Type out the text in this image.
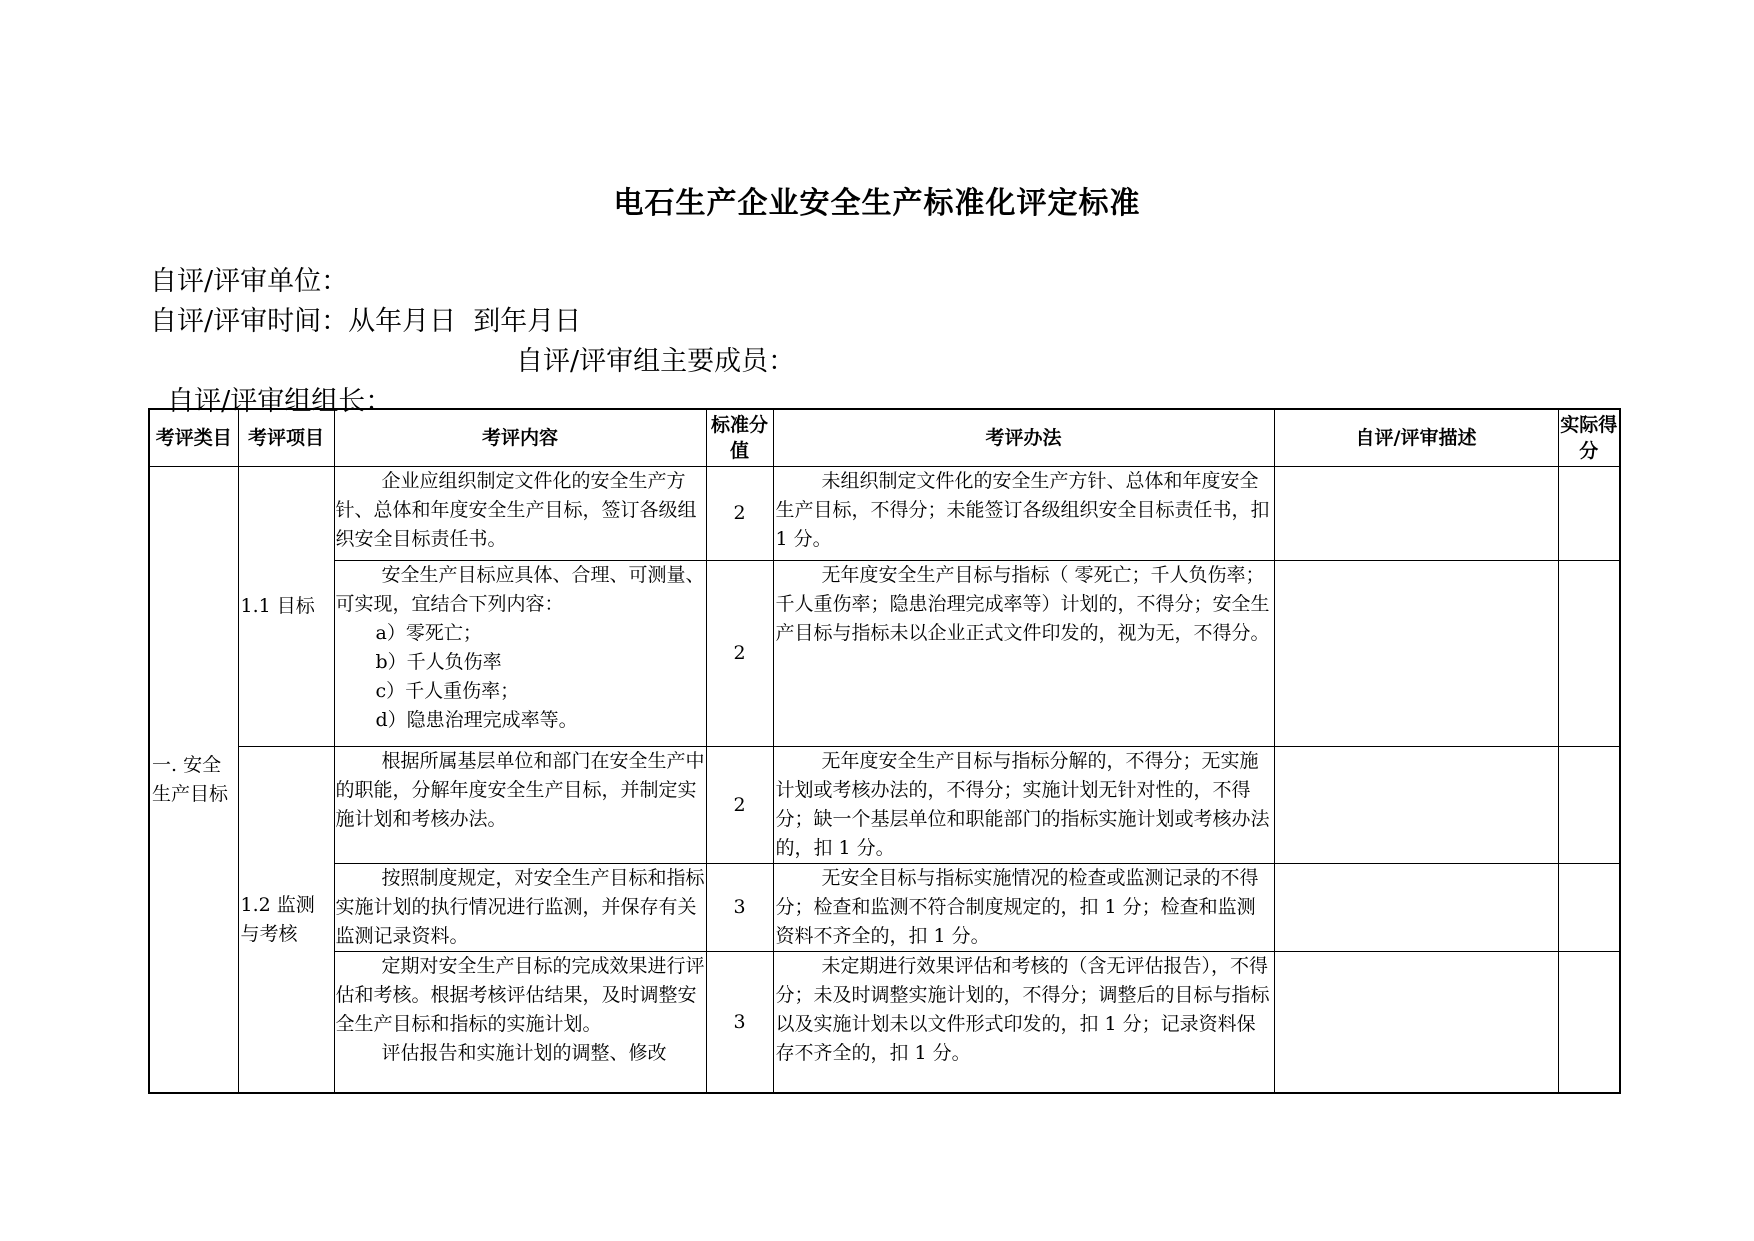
电石生产企业安全生产标准化评定标准
自评/评审单位：
自评/评审时间：从年月日  到年月日

自评/评审组组长：

自评/评审组主要成员：

考评类目	考评项目	考评内容	标准分值	考评办法	自评/评审描述	实际得分
一. 安全生产目标	1.1 目标	企业应组织制定文件化的安全生产方针、总体和年度安全生产目标，签订各级组织安全目标责任书。	2	未组织制定文件化的安全生产方针、总体和年度安全生产目标，不得分；未能签订各级组织安全目标责任书，扣 1 分。		

		安全生产目标应具体、合理、可测量、可实现，宜结合下列内容：
a）零死亡；
b）千人负伤率
c）千人重伤率；
d）隐患治理完成率等。	2	无年度安全生产目标与指标（ 零死亡；千人负伤率；千人重伤率；隐患治理完成率等）计划的，不得分；安全生产目标与指标未以企业正式文件印发的，视为无，不得分。		

	1.2 监测与考核	根据所属基层单位和部门在安全生产中的职能，分解年度安全生产目标，并制定实施计划和考核办法。	2	无年度安全生产目标与指标分解的，不得分；无实施计划或考核办法的，不得分；实施计划无针对性的，不得分；缺一个基层单位和职能部门的指标实施计划或考核办法的，扣 1 分。		

		按照制度规定，对安全生产目标和指标实施计划的执行情况进行监测，并保存有关监测记录资料。	3	无安全目标与指标实施情况的检查或监测记录的不得分；检查和监测不符合制度规定的，扣 1 分；检查和监测资料不齐全的，扣 1 分。		

		定期对安全生产目标的完成效果进行评估和考核。根据考核评估结果，及时调整安全生产目标和指标的实施计划。
评估报告和实施计划的调整、修改	3	未定期进行效果评估和考核的（含无评估报告），不得分；未及时调整实施计划的，不得分；调整后的目标与指标以及实施计划未以文件形式印发的，扣 1 分；记录资料保存不齐全的，扣 1 分。		
